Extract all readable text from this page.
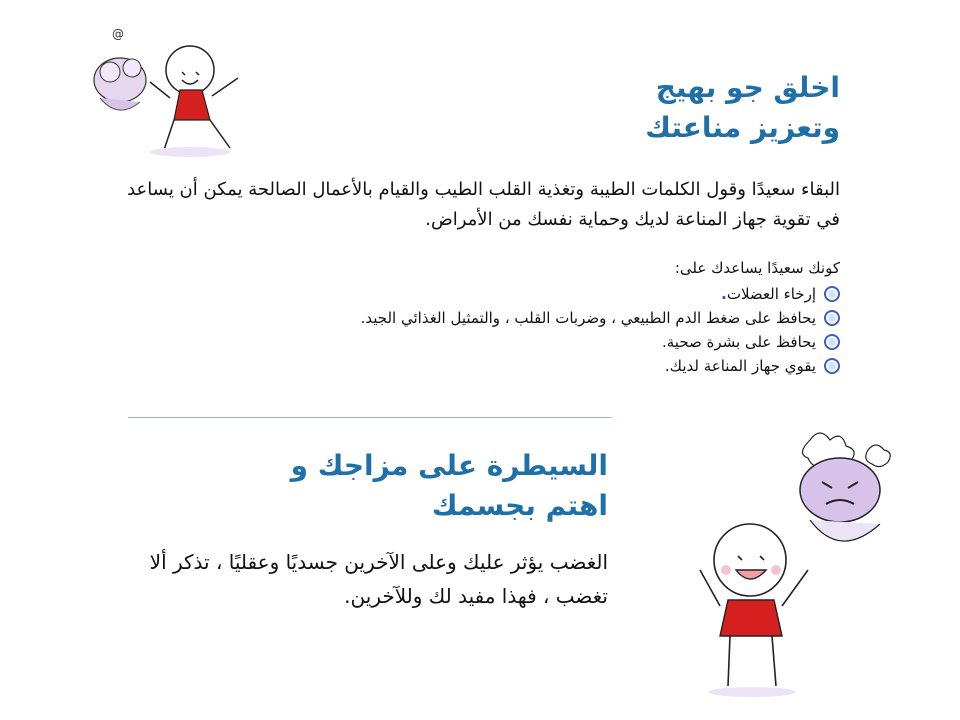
@
اخلق جو بهيج
وتعزيز مناعتك
البقاء سعيدًا وقول الكلمات الطيبة وتغذية القلب الطيب والقيام بالأعمال الصالحة يمكن أن يساعد في تقوية جهاز المناعة لديك وحماية نفسك من الأمراض.
كونك سعيدًا يساعدك على:
إرخاء العضلات
.
يحافظ على ضغط الدم الطبيعي ، وضربات القلب ، والتمثيل الغذائي الجيد.
يحافظ على بشرة صحية.
يقوي جهاز المناعة لديك.
السيطرة على مزاجك و
اهتم بجسمك
الغضب يؤثر عليك وعلى الآخرين جسديًا وعقليًا ، تذكر ألا تغضب ، فهذا مفيد لك وللآخرين.
